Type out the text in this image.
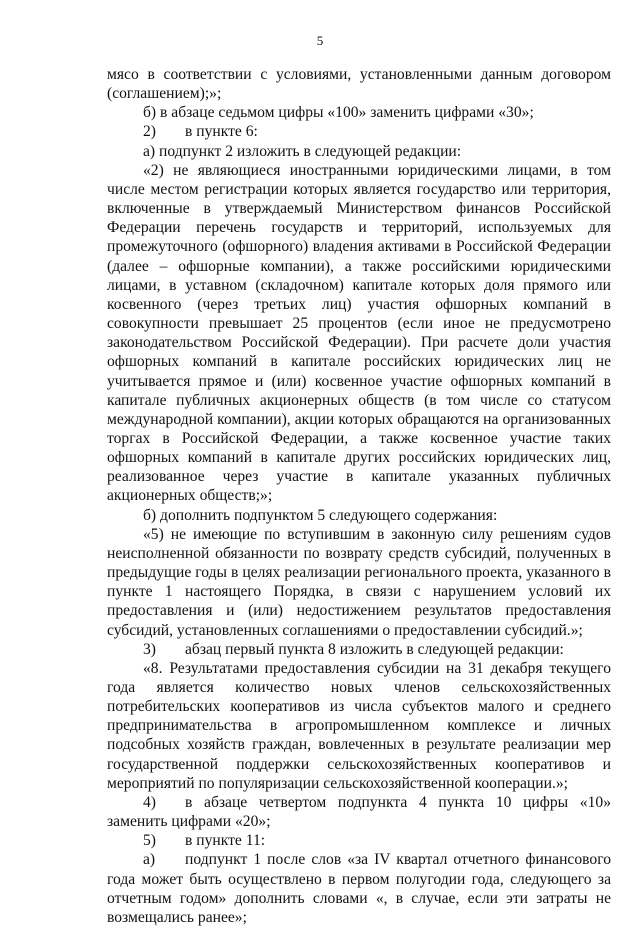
5

мясо в соответствии с условиями, установленными данным договором (соглашением);»;

б) в абзаце седьмом цифры «100» заменить цифрами «30»;

2) в пункте 6:

а) подпункт 2 изложить в следующей редакции:

«2) не являющиеся иностранными юридическими лицами, в том числе местом регистрации которых является государство или территория, включенные в утверждаемый Министерством финансов Российской Федерации перечень государств и территорий, используемых для промежуточного (офшорного) владения активами в Российской Федерации (далее – офшорные компании), а также российскими юридическими лицами, в уставном (складочном) капитале которых доля прямого или косвенного (через третьих лиц) участия офшорных компаний в совокупности превышает 25 процентов (если иное не предусмотрено законодательством Российской Федерации). При расчете доли участия офшорных компаний в капитале российских юридических лиц не учитывается прямое и (или) косвенное участие офшорных компаний в капитале публичных акционерных обществ (в том числе со статусом международной компании), акции которых обращаются на организованных торгах в Российской Федерации, а также косвенное участие таких офшорных компаний в капитале других российских юридических лиц, реализованное через участие в капитале указанных публичных акционерных обществ;»;

б) дополнить подпунктом 5 следующего содержания:

«5) не имеющие по вступившим в законную силу решениям судов неисполненной обязанности по возврату средств субсидий, полученных в предыдущие годы в целях реализации регионального проекта, указанного в пункте 1 настоящего Порядка, в связи с нарушением условий их предоставления и (или) недостижением результатов предоставления субсидий, установленных соглашениями о предоставлении субсидий.»;

3) абзац первый пункта 8 изложить в следующей редакции:

«8. Результатами предоставления субсидии на 31 декабря текущего года является количество новых членов сельскохозяйственных потребительских кооперативов из числа субъектов малого и среднего предпринимательства в агропромышленном комплексе и личных подсобных хозяйств граждан, вовлеченных в результате реализации мер государственной поддержки сельскохозяйственных кооперативов и мероприятий по популяризации сельскохозяйственной кооперации.»;

4) в абзаце четвертом подпункта 4 пункта 10 цифры «10» заменить цифрами «20»;

5) в пункте 11:

а) подпункт 1 после слов «за IV квартал отчетного финансового года может быть осуществлено в первом полугодии года, следующего за отчетным годом» дополнить словами «, в случае, если эти затраты не возмещались ранее»;
